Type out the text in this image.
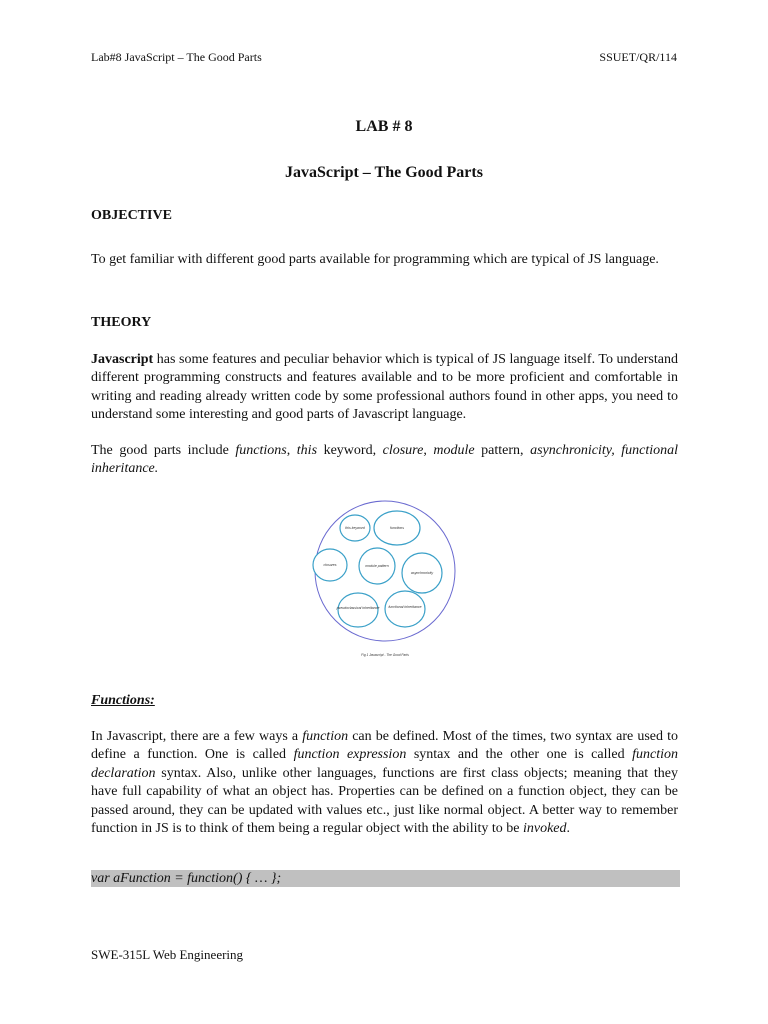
Lab#8 JavaScript – The Good Parts	SSUET/QR/114
LAB # 8
JavaScript – The Good Parts
OBJECTIVE
To get familiar with different good parts available for programming which are typical of JS language.
THEORY
Javascript has some features and peculiar behavior which is typical of JS language itself. To understand different programming constructs and features available and to be more proficient and comfortable in writing and reading already written code by some professional authors found in other apps, you need to understand some interesting and good parts of Javascript language.
The good parts include functions, this keyword, closure, module pattern, asynchronicity, functional inheritance.
this keyword	functions
closures	module pattern
asynchronicity
pseudoclassical inheritance	functional inheritance
Fig 1 Javascript - The Good Parts
Functions:
In Javascript, there are a few ways a function can be defined. Most of the times, two syntax are used to define a function. One is called function expression syntax and the other one is called function declaration syntax. Also, unlike other languages, functions are first class objects; meaning that they have full capability of what an object has. Properties can be defined on a function object, they can be passed around, they can be updated with values etc., just like normal object. A better way to remember function in JS is to think of them being a regular object with the ability to be invoked.
var aFunction = function() { … };
SWE-315L Web Engineering
